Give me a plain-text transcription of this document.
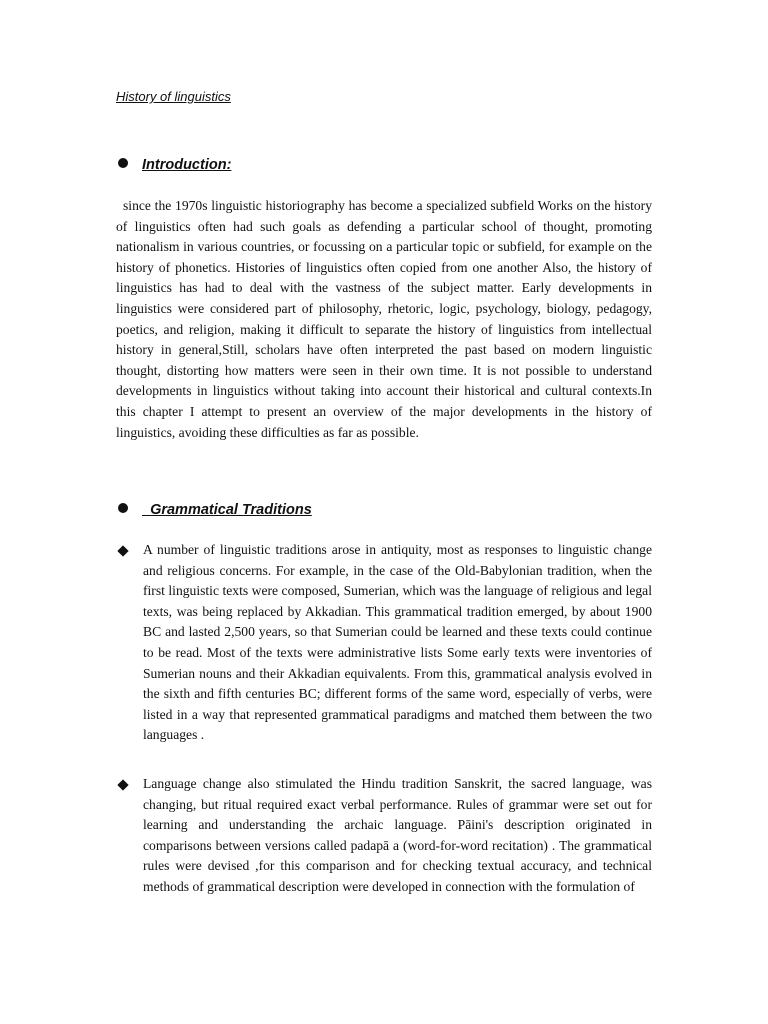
History of linguistics
Introduction:

since the 1970s linguistic historiography has become a specialized subfield Works on the history of linguistics often had such goals as defending a particular school of thought, promoting nationalism in various countries, or focussing on a particular topic or subfield, for example on the history of phonetics. Histories of linguistics often copied from one another Also, the history of linguistics has had to deal with the vastness of the subject matter. Early developments in linguistics were considered part of philosophy, rhetoric, logic, psychology, biology, pedagogy, poetics, and religion, making it difficult to separate the history of linguistics from intellectual history in general,Still, scholars have often interpreted the past based on modern linguistic thought, distorting how matters were seen in their own time. It is not possible to understand developments in linguistics without taking into account their historical and cultural contexts.In this chapter I attempt to present an overview of the major developments in the history of linguistics, avoiding these difficulties as far as possible.

Grammatical Traditions

A number of linguistic traditions arose in antiquity, most as responses to linguistic change and religious concerns. For example, in the case of the Old-Babylonian tradition, when the first linguistic texts were composed, Sumerian, which was the language of religious and legal texts, was being replaced by Akkadian. This grammatical tradition emerged, by about 1900 BC and lasted 2,500 years, so that Sumerian could be learned and these texts could continue to be read. Most of the texts were administrative lists Some early texts were inventories of Sumerian nouns and their Akkadian equivalents. From this, grammatical analysis evolved in the sixth and fifth centuries BC; different forms of the same word, especially of verbs, were listed in a way that represented grammatical paradigms and matched them between the two languages .

Language change also stimulated the Hindu tradition Sanskrit, the sacred language, was changing, but ritual required exact verbal performance. Rules of grammar were set out for learning and understanding the archaic language. Pāini's description originated in comparisons between versions called padapā a (word-for-word recitation) . The grammatical rules were devised ,for this comparison and for checking textual accuracy, and technical methods of grammatical description were developed in connection with the formulation of
